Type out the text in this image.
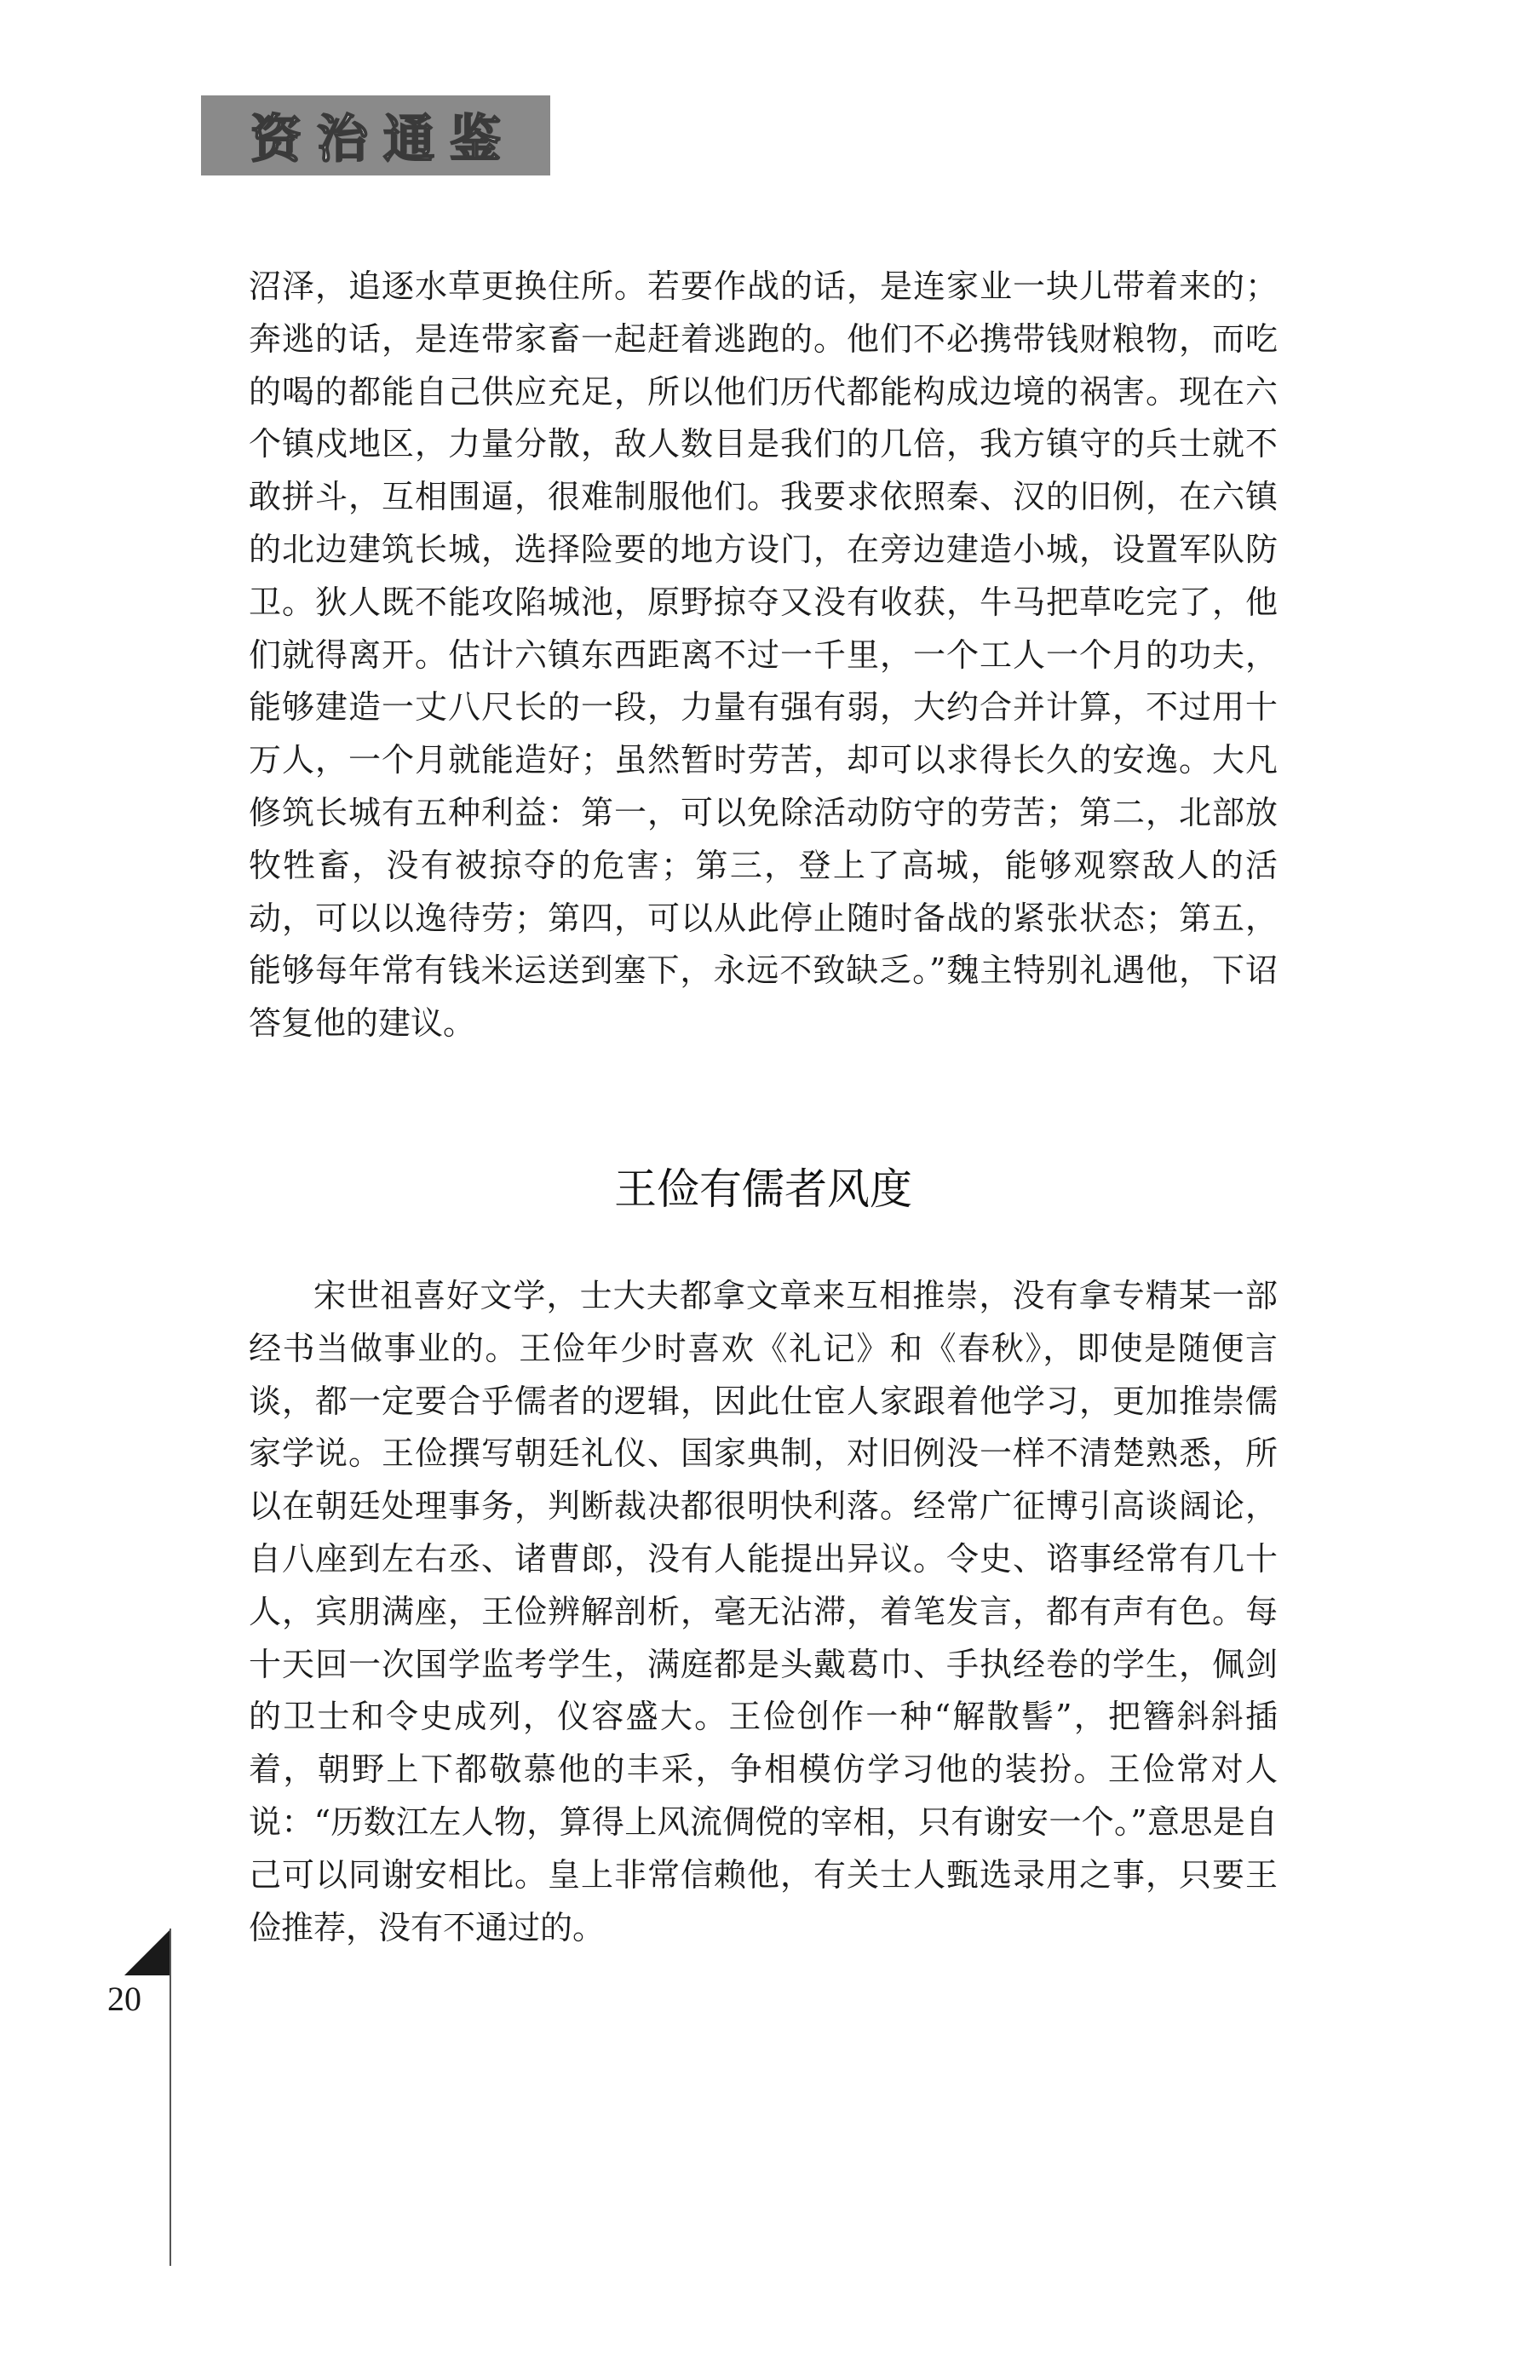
资治通鉴

沼泽，追逐水草更换住所。若要作战的话，是连家业一块儿带着来的；奔逃的话，是连带家畜一起赶着逃跑的。他们不必携带钱财粮物，而吃的喝的都能自己供应充足，所以他们历代都能构成边境的祸害。现在六个镇戍地区，力量分散，敌人数目是我们的几倍，我方镇守的兵士就不敢拼斗，互相围逼，很难制服他们。我要求依照秦、汉的旧例，在六镇的北边建筑长城，选择险要的地方设门，在旁边建造小城，设置军队防卫。狄人既不能攻陷城池，原野掠夺又没有收获，牛马把草吃完了，他们就得离开。估计六镇东西距离不过一千里，一个工人一个月的功夫，能够建造一丈八尺长的一段，力量有强有弱，大约合并计算，不过用十万人，一个月就能造好；虽然暂时劳苦，却可以求得长久的安逸。大凡修筑长城有五种利益：第一，可以免除活动防守的劳苦；第二，北部放牧牲畜，没有被掠夺的危害；第三，登上了高城，能够观察敌人的活动，可以以逸待劳；第四，可以从此停止随时备战的紧张状态；第五，能够每年常有钱米运送到塞下，永远不致缺乏。”魏主特别礼遇他，下诏答复他的建议。

王俭有儒者风度

宋世祖喜好文学，士大夫都拿文章来互相推崇，没有拿专精某一部经书当做事业的。王俭年少时喜欢《礼记》和《春秋》，即使是随便言谈，都一定要合乎儒者的逻辑，因此仕宦人家跟着他学习，更加推崇儒家学说。王俭撰写朝廷礼仪、国家典制，对旧例没一样不清楚熟悉，所以在朝廷处理事务，判断裁决都很明快利落。经常广征博引高谈阔论，自八座到左右丞、诸曹郎，没有人能提出异议。令史、谘事经常有几十人，宾朋满座，王俭辨解剖析，毫无沾滞，着笔发言，都有声有色。每十天回一次国学监考学生，满庭都是头戴葛巾、手执经卷的学生，佩剑的卫士和令史成列，仪容盛大。王俭创作一种“解散髻”，把簪斜斜插着，朝野上下都敬慕他的丰采，争相模仿学习他的装扮。王俭常对人说：“历数江左人物，算得上风流倜傥的宰相，只有谢安一个。”意思是自己可以同谢安相比。皇上非常信赖他，有关士人甄选录用之事，只要王俭推荐，没有不通过的。

20
